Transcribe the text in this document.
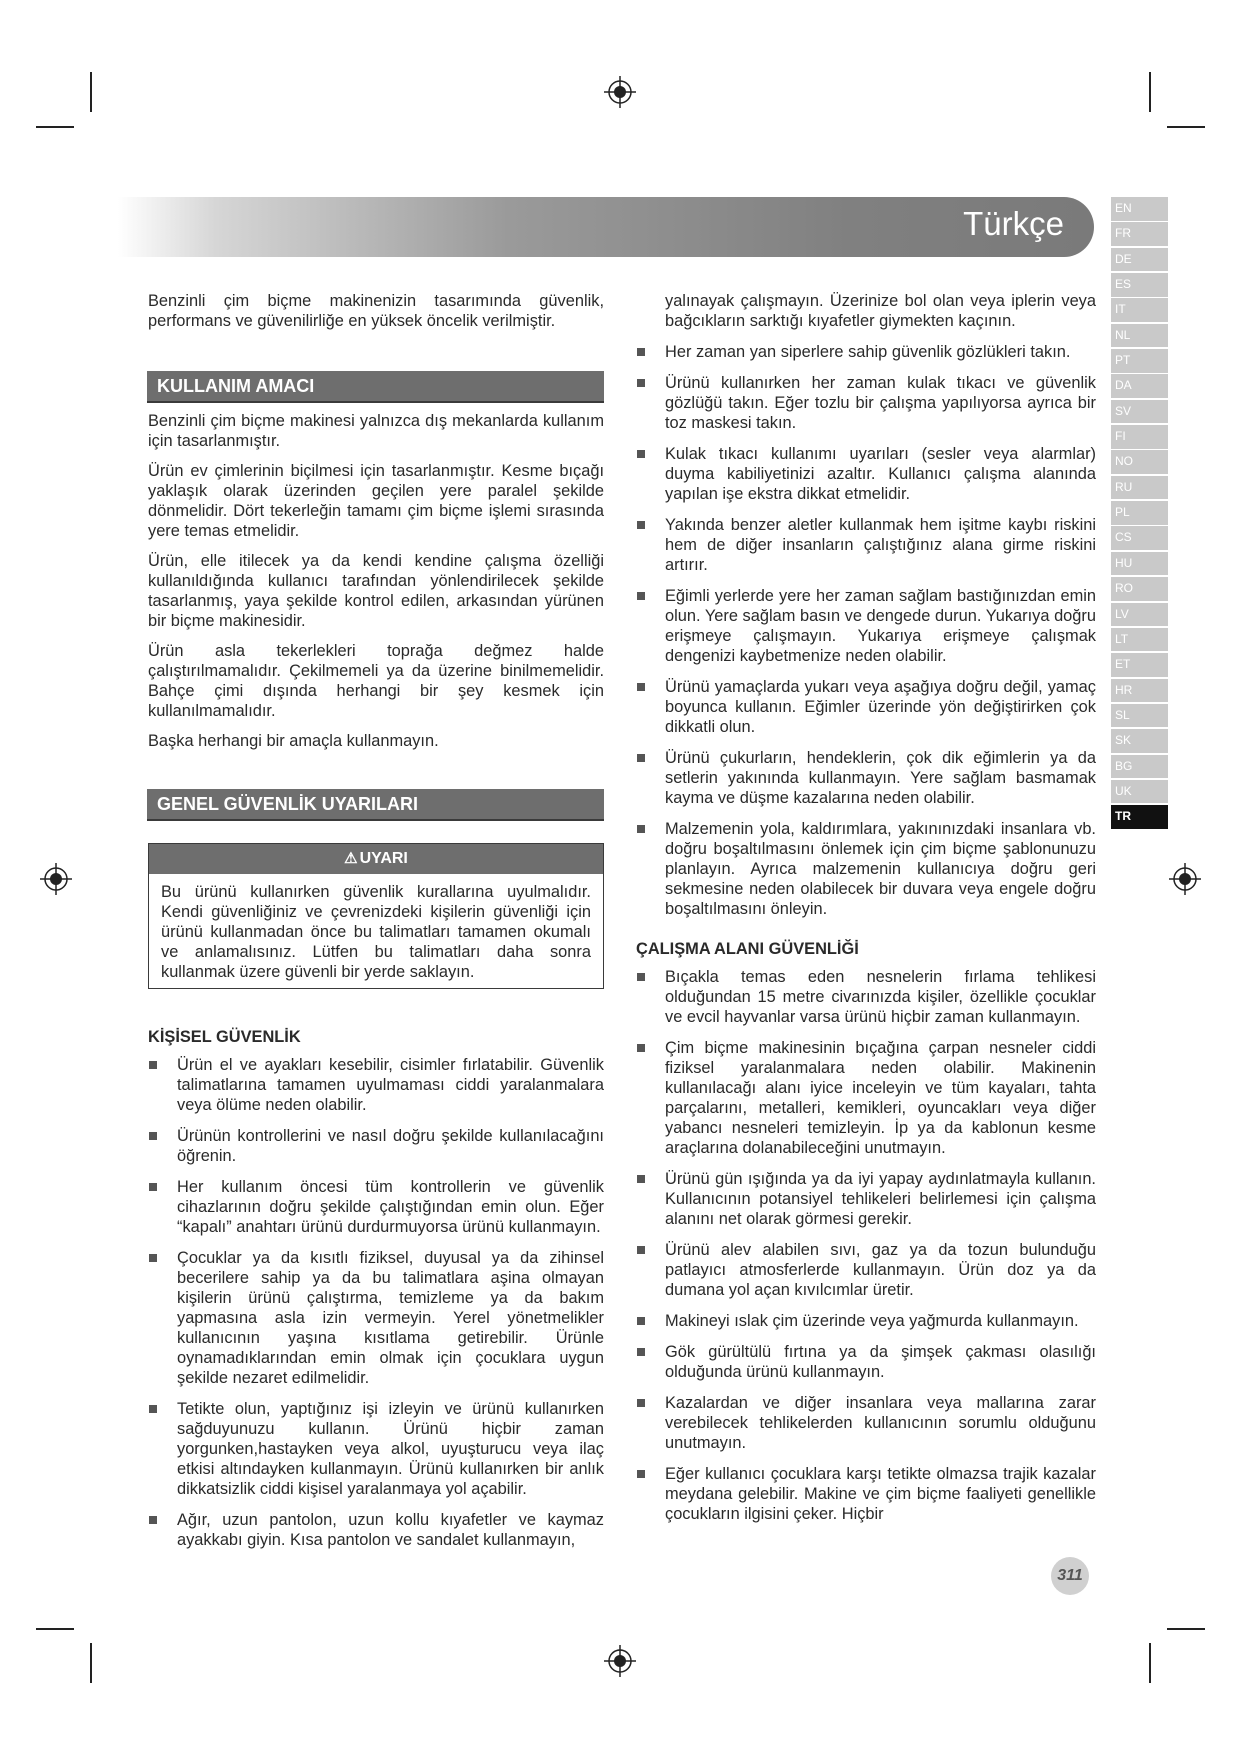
Türkçe	EN
FR
DE
ES
IT
NL
PT
DA
SV
FI
NO
RU
PL
CS
HU
RO
LV
LT
ET
HR
SL
SK
BG
UK
TR

Benzinli çim biçme makinenizin tasarımında güvenlik, performans ve güvenilirliğe en yüksek öncelik verilmiştir.

KULLANIM AMACI

Benzinli çim biçme makinesi yalnızca dış mekanlarda kullanım için tasarlanmıştır.

Ürün ev çimlerinin biçilmesi için tasarlanmıştır. Kesme bıçağı yaklaşık olarak üzerinden geçilen yere paralel şekilde dönmelidir. Dört tekerleğin tamamı çim biçme işlemi sırasında yere temas etmelidir.

Ürün, elle itilecek ya da kendi kendine çalışma özelliği kullanıldığında kullanıcı tarafından yönlendirilecek şekilde tasarlanmış, yaya şekilde kontrol edilen, arkasından yürünen bir biçme makinesidir.

Ürün asla tekerlekleri toprağa değmez halde çalıştırılmamalıdır. Çekilmemeli ya da üzerine binilmemelidir. Bahçe çimi dışında herhangi bir şey kesmek için kullanılmamalıdır.

Başka herhangi bir amaçla kullanmayın.

GENEL GÜVENLİK UYARILARI
⚠ UYARI
Bu ürünü kullanırken güvenlik kurallarına uyulmalıdır. Kendi güvenliğiniz ve çevrenizdeki kişilerin güvenliği için ürünü kullanmadan önce bu talimatları tamamen okumalı ve anlamalısınız. Lütfen bu talimatları daha sonra kullanmak üzere güvenli bir yerde saklayın.
KİŞİSEL GÜVENLİK
Ürün el ve ayakları kesebilir, cisimler fırlatabilir. Güvenlik talimatlarına tamamen uyulmaması ciddi yaralanmalara veya ölüme neden olabilir.
Ürünün kontrollerini ve nasıl doğru şekilde kullanılacağını öğrenin.
Her kullanım öncesi tüm kontrollerin ve güvenlik cihazlarının doğru şekilde çalıştığından emin olun. Eğer “kapalı” anahtarı ürünü durdurmuyorsa ürünü kullanmayın.
Çocuklar ya da kısıtlı fiziksel, duyusal ya da zihinsel becerilere sahip ya da bu talimatlara aşina olmayan kişilerin ürünü çalıştırma, temizleme ya da bakım yapmasına asla izin vermeyin. Yerel yönetmelikler kullanıcının yaşına kısıtlama getirebilir. Ürünle oynamadıklarından emin olmak için çocuklara uygun şekilde nezaret edilmelidir.
Tetikte olun, yaptığınız işi izleyin ve ürünü kullanırken sağduyunuzu kullanın. Ürünü hiçbir zaman yorgunken,hastayken veya alkol, uyuşturucu veya ilaç etkisi altındayken kullanmayın. Ürünü kullanırken bir anlık dikkatsizlik ciddi kişisel yaralanmaya yol açabilir.
Ağır, uzun pantolon, uzun kollu kıyafetler ve kaymaz ayakkabı giyin. Kısa pantolon ve sandalet kullanmayın,
yalınayak çalışmayın. Üzerinize bol olan veya iplerin veya bağcıkların sarktığı kıyafetler giymekten kaçının.
Her zaman yan siperlere sahip güvenlik gözlükleri takın.
Ürünü kullanırken her zaman kulak tıkacı ve güvenlik gözlüğü takın. Eğer tozlu bir çalışma yapılıyorsa ayrıca bir toz maskesi takın.
Kulak tıkacı kullanımı uyarıları (sesler veya alarmlar) duyma kabiliyetinizi azaltır. Kullanıcı çalışma alanında yapılan işe ekstra dikkat etmelidir.
Yakında benzer aletler kullanmak hem işitme kaybı riskini hem de diğer insanların çalıştığınız alana girme riskini artırır.
Eğimli yerlerde yere her zaman sağlam bastığınızdan emin olun. Yere sağlam basın ve dengede durun. Yukarıya doğru erişmeye çalışmayın. Yukarıya erişmeye çalışmak dengenizi kaybetmenize neden olabilir.
Ürünü yamaçlarda yukarı veya aşağıya doğru değil, yamaç boyunca kullanın. Eğimler üzerinde yön değiştirirken çok dikkatli olun.
Ürünü çukurların, hendeklerin, çok dik eğimlerin ya da setlerin yakınında kullanmayın. Yere sağlam basmamak kayma ve düşme kazalarına neden olabilir.
Malzemenin yola, kaldırımlara, yakınınızdaki insanlara vb. doğru boşaltılmasını önlemek için çim biçme şablonunuzu planlayın. Ayrıca malzemenin kullanıcıya doğru geri sekmesine neden olabilecek bir duvara veya engele doğru boşaltılmasını önleyin.
ÇALIŞMA ALANI GÜVENLİĞİ
Bıçakla temas eden nesnelerin fırlama tehlikesi olduğundan 15 metre civarınızda kişiler, özellikle çocuklar ve evcil hayvanlar varsa ürünü hiçbir zaman kullanmayın.
Çim biçme makinesinin bıçağına çarpan nesneler ciddi fiziksel yaralanmalara neden olabilir. Makinenin kullanılacağı alanı iyice inceleyin ve tüm kayaları, tahta parçalarını, metalleri, kemikleri, oyuncakları veya diğer yabancı nesneleri temizleyin. İp ya da kablonun kesme araçlarına dolanabileceğini unutmayın.
Ürünü gün ışığında ya da iyi yapay aydınlatmayla kullanın. Kullanıcının potansiyel tehlikeleri belirlemesi için çalışma alanını net olarak görmesi gerekir.
Ürünü alev alabilen sıvı, gaz ya da tozun bulunduğu patlayıcı atmosferlerde kullanmayın. Ürün doz ya da dumana yol açan kıvılcımlar üretir.
Makineyi ıslak çim üzerinde veya yağmurda kullanmayın.
Gök gürültülü fırtına ya da şimşek çakması olasılığı olduğunda ürünü kullanmayın.
Kazalardan ve diğer insanlara veya mallarına zarar verebilecek tehlikelerden kullanıcının sorumlu olduğunu unutmayın.
Eğer kullanıcı çocuklara karşı tetikte olmazsa trajik kazalar meydana gelebilir. Makine ve çim biçme faaliyeti genellikle çocukların ilgisini çeker. Hiçbir
311
